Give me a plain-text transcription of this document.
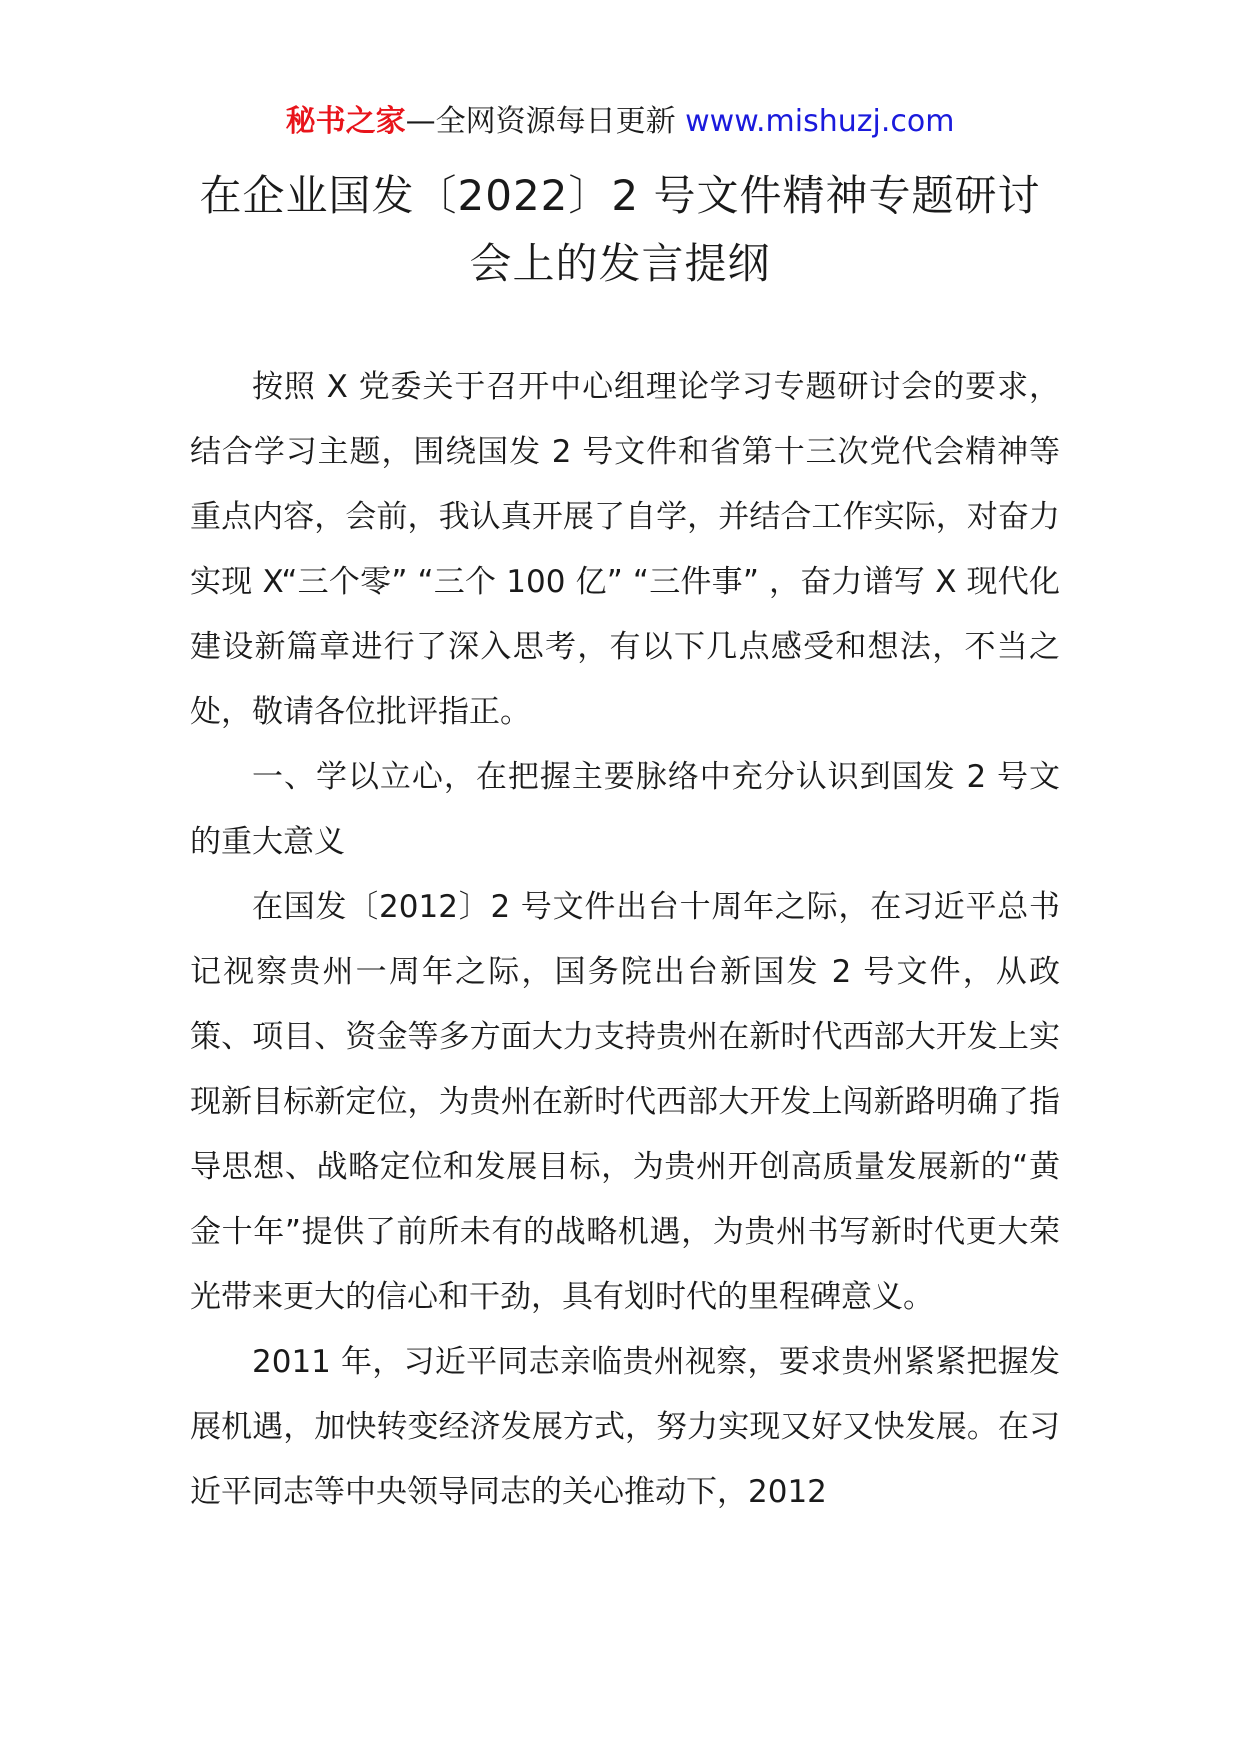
秘书之家—全网资源每日更新 www.mishuzj.com
在企业国发〔2022〕2 号文件精神专题研讨
会上的发言提纲

按照 X 党委关于召开中心组理论学习专题研讨会的要求，结合学习主题，围绕国发 2 号文件和省第十三次党代会精神等重点内容，会前，我认真开展了自学，并结合工作实际，对奋力实现 X“三个零” “三个 100 亿” “三件事” ，奋力谱写 X 现代化建设新篇章进行了深入思考，有以下几点感受和想法，不当之处，敬请各位批评指正。

一、学以立心，在把握主要脉络中充分认识到国发 2 号文的重大意义

在国发〔2012〕2 号文件出台十周年之际，在习近平总书记视察贵州一周年之际，国务院出台新国发 2 号文件，从政策、项目、资金等多方面大力支持贵州在新时代西部大开发上实现新目标新定位，为贵州在新时代西部大开发上闯新路明确了指导思想、战略定位和发展目标，为贵州开创高质量发展新的“黄金十年”提供了前所未有的战略机遇，为贵州书写新时代更大荣光带来更大的信心和干劲，具有划时代的里程碑意义。

2011 年，习近平同志亲临贵州视察，要求贵州紧紧把握发展机遇，加快转变经济发展方式，努力实现又好又快发展。在习近平同志等中央领导同志的关心推动下，2012
